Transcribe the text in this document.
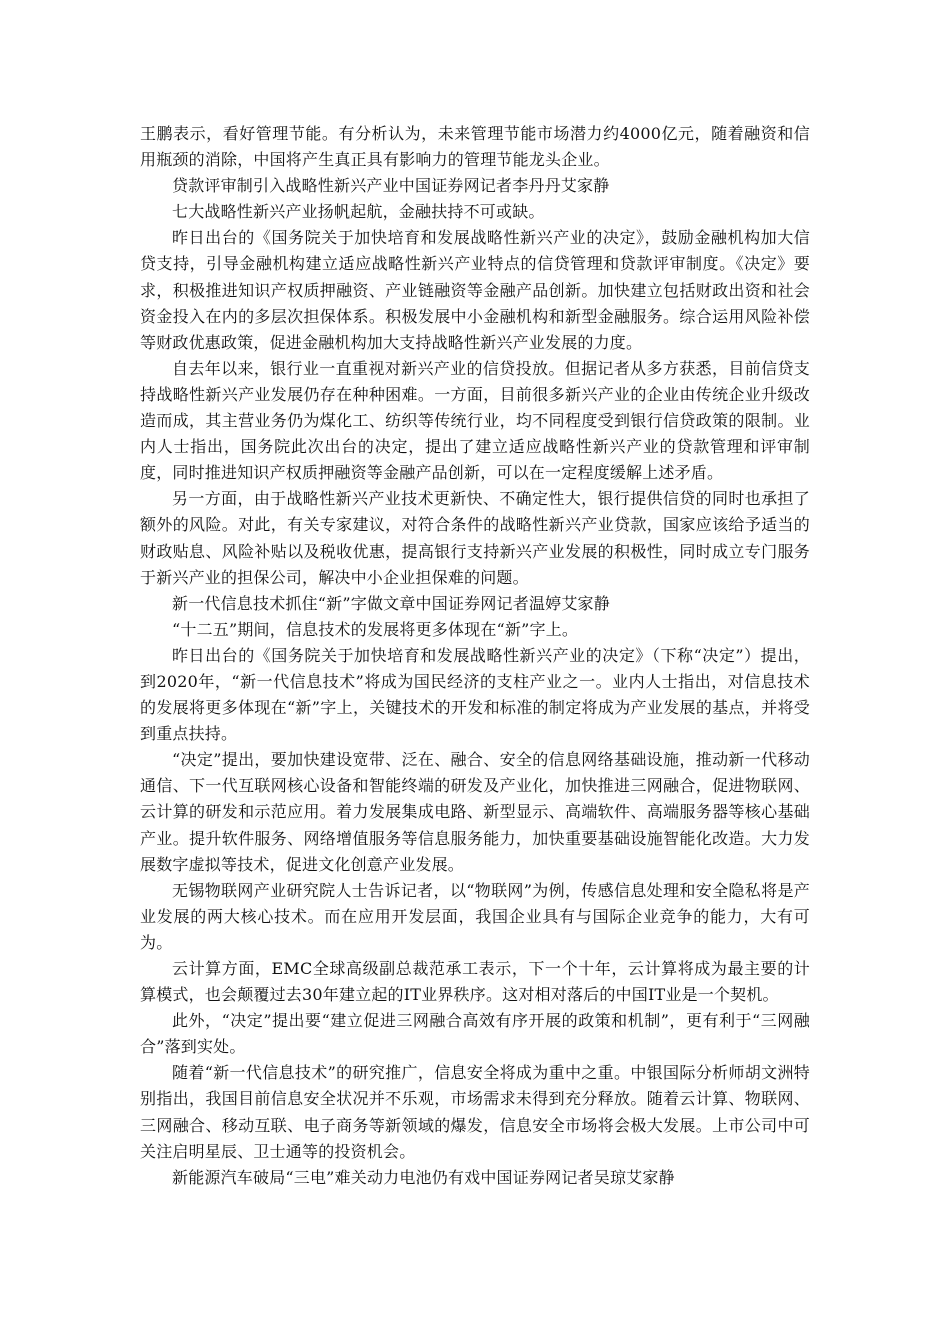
王鹏表示，看好管理节能。有分析认为，未来管理节能市场潜力约4000亿元，随着融资和信用瓶颈的消除，中国将产生真正具有影响力的管理节能龙头企业。

贷款评审制引入战略性新兴产业中国证券网记者李丹丹艾家静

七大战略性新兴产业扬帆起航，金融扶持不可或缺。

昨日出台的《国务院关于加快培育和发展战略性新兴产业的决定》，鼓励金融机构加大信贷支持，引导金融机构建立适应战略性新兴产业特点的信贷管理和贷款评审制度。《决定》要求，积极推进知识产权质押融资、产业链融资等金融产品创新。加快建立包括财政出资和社会资金投入在内的多层次担保体系。积极发展中小金融机构和新型金融服务。综合运用风险补偿等财政优惠政策，促进金融机构加大支持战略性新兴产业发展的力度。

自去年以来，银行业一直重视对新兴产业的信贷投放。但据记者从多方获悉，目前信贷支持战略性新兴产业发展仍存在种种困难。一方面，目前很多新兴产业的企业由传统企业升级改造而成，其主营业务仍为煤化工、纺织等传统行业，均不同程度受到银行信贷政策的限制。业内人士指出，国务院此次出台的决定，提出了建立适应战略性新兴产业的贷款管理和评审制度，同时推进知识产权质押融资等金融产品创新，可以在一定程度缓解上述矛盾。

另一方面，由于战略性新兴产业技术更新快、不确定性大，银行提供信贷的同时也承担了额外的风险。对此，有关专家建议，对符合条件的战略性新兴产业贷款，国家应该给予适当的财政贴息、风险补贴以及税收优惠，提高银行支持新兴产业发展的积极性，同时成立专门服务于新兴产业的担保公司，解决中小企业担保难的问题。

新一代信息技术抓住“新”字做文章中国证券网记者温婷艾家静

“十二五”期间，信息技术的发展将更多体现在“新”字上。

昨日出台的《国务院关于加快培育和发展战略性新兴产业的决定》（下称“决定”）提出，到2020年，“新一代信息技术”将成为国民经济的支柱产业之一。业内人士指出，对信息技术的发展将更多体现在“新”字上，关键技术的开发和标准的制定将成为产业发展的基点，并将受到重点扶持。

“决定”提出，要加快建设宽带、泛在、融合、安全的信息网络基础设施，推动新一代移动通信、下一代互联网核心设备和智能终端的研发及产业化，加快推进三网融合，促进物联网、云计算的研发和示范应用。着力发展集成电路、新型显示、高端软件、高端服务器等核心基础产业。提升软件服务、网络增值服务等信息服务能力，加快重要基础设施智能化改造。大力发展数字虚拟等技术，促进文化创意产业发展。

无锡物联网产业研究院人士告诉记者，以“物联网”为例，传感信息处理和安全隐私将是产业发展的两大核心技术。而在应用开发层面，我国企业具有与国际企业竞争的能力，大有可为。

云计算方面，EMC全球高级副总裁范承工表示，下一个十年，云计算将成为最主要的计算模式，也会颠覆过去30年建立起的IT业界秩序。这对相对落后的中国IT业是一个契机。

此外，“决定”提出要“建立促进三网融合高效有序开展的政策和机制”，更有利于“三网融合”落到实处。

随着“新一代信息技术”的研究推广，信息安全将成为重中之重。中银国际分析师胡文洲特别指出，我国目前信息安全状况并不乐观，市场需求未得到充分释放。随着云计算、物联网、三网融合、移动互联、电子商务等新领域的爆发，信息安全市场将会极大发展。上市公司中可关注启明星辰、卫士通等的投资机会。

新能源汽车破局“三电”难关动力电池仍有戏中国证券网记者吴琼艾家静
